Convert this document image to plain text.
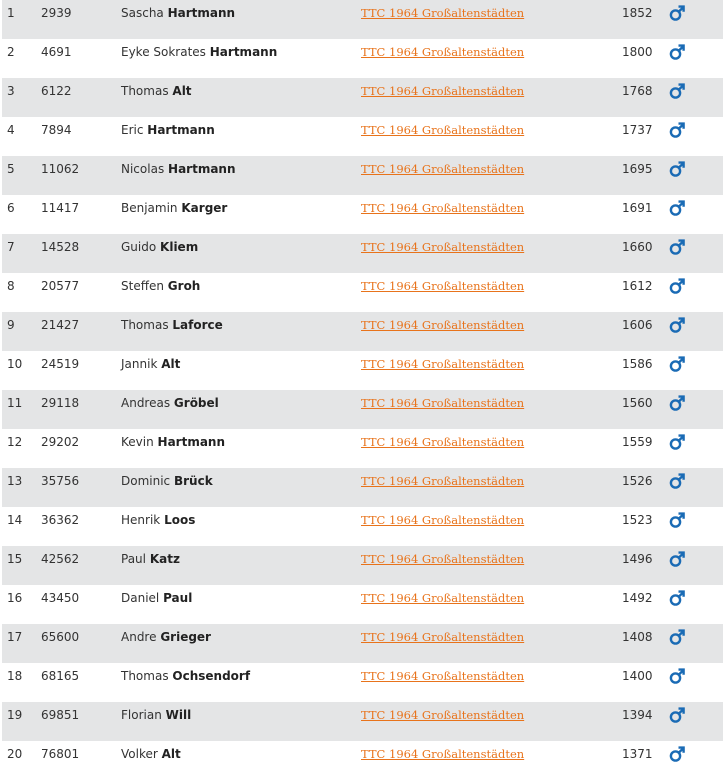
1 2939	Sascha Hartmann	TTC 1964 Großaltenstädten	1852
2 4691	Eyke Sokrates Hartmann	TTC 1964 Großaltenstädten	1800
3 6122	Thomas Alt	TTC 1964 Großaltenstädten	1768
4 7894	Eric Hartmann	TTC 1964 Großaltenstädten	1737
5 11062	Nicolas Hartmann	TTC 1964 Großaltenstädten	1695
6 11417	Benjamin Karger	TTC 1964 Großaltenstädten	1691
7 14528	Guido Kliem	TTC 1964 Großaltenstädten	1660
8 20577	Steffen Groh	TTC 1964 Großaltenstädten	1612
9 21427	Thomas Laforce	TTC 1964 Großaltenstädten	1606
10 24519	Jannik Alt	TTC 1964 Großaltenstädten	1586
11 29118	Andreas Gröbel	TTC 1964 Großaltenstädten	1560
12 29202	Kevin Hartmann	TTC 1964 Großaltenstädten	1559
13 35756	Dominic Brück	TTC 1964 Großaltenstädten	1526
14 36362	Henrik Loos	TTC 1964 Großaltenstädten	1523
15 42562	Paul Katz	TTC 1964 Großaltenstädten	1496
16 43450	Daniel Paul	TTC 1964 Großaltenstädten	1492
17 65600	Andre Grieger	TTC 1964 Großaltenstädten	1408
18 68165	Thomas Ochsendorf	TTC 1964 Großaltenstädten	1400
19 69851	Florian Will	TTC 1964 Großaltenstädten	1394
20 76801	Volker Alt	TTC 1964 Großaltenstädten	1371
